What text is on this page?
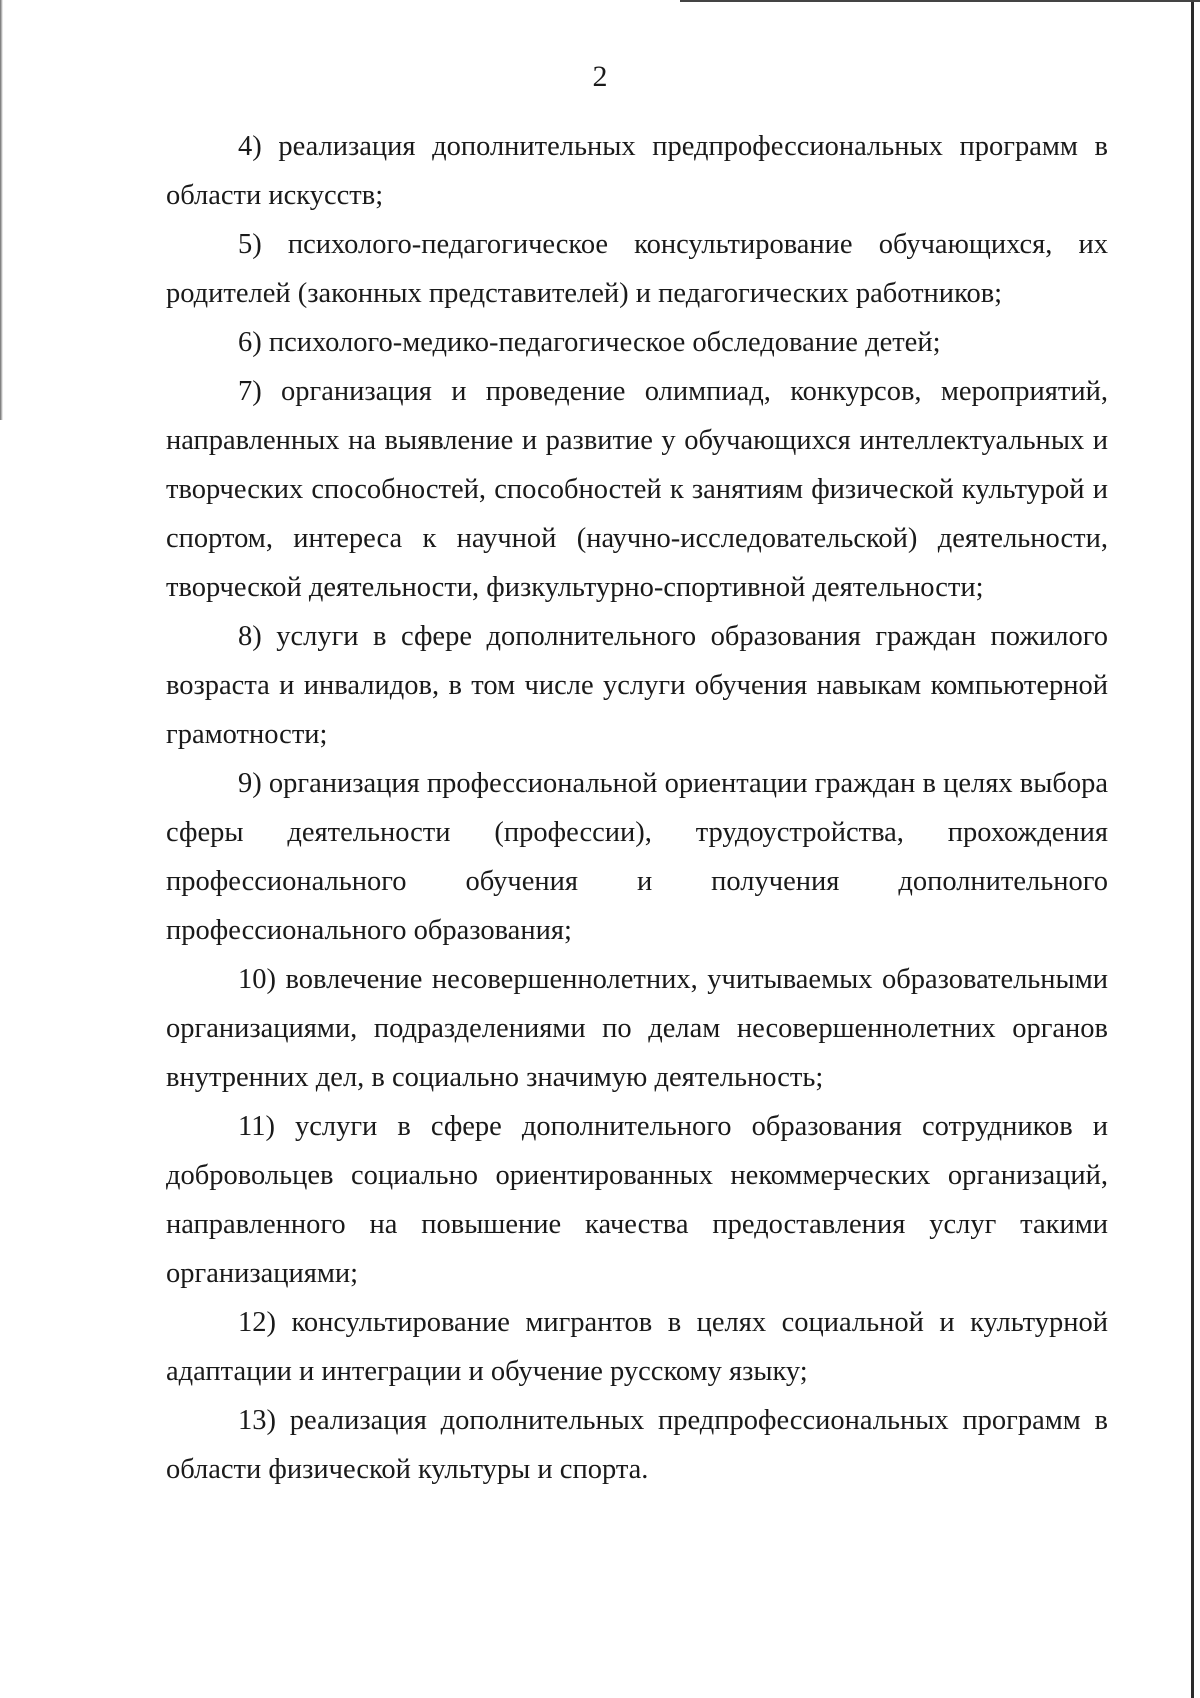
2

4) реализация дополнительных предпрофессиональных программ в области искусств;

5) психолого-педагогическое консультирование обучающихся, их родителей (законных представителей) и педагогических работников;

6) психолого-медико-педагогическое обследование детей;

7) организация и проведение олимпиад, конкурсов, мероприятий, направленных на выявление и развитие у обучающихся интеллектуальных и творческих способностей, способностей к занятиям физической культурой и спортом, интереса к научной (научно-исследовательской) деятельности, творческой деятельности, физкультурно-спортивной деятельности;

8) услуги в сфере дополнительного образования граждан пожилого возраста и инвалидов, в том числе услуги обучения навыкам компьютерной грамотности;

9) организация профессиональной ориентации граждан в целях выбора сферы деятельности (профессии), трудоустройства, прохождения профессионального обучения и получения дополнительного профессионального образования;

10) вовлечение несовершеннолетних, учитываемых образовательными организациями, подразделениями по делам несовершеннолетних органов внутренних дел, в социально значимую деятельность;

11) услуги в сфере дополнительного образования сотрудников и добровольцев социально ориентированных некоммерческих организаций, направленного на повышение качества предоставления услуг такими организациями;

12) консультирование мигрантов в целях социальной и культурной адаптации и интеграции и обучение русскому языку;

13) реализация дополнительных предпрофессиональных программ в области физической культуры и спорта.
